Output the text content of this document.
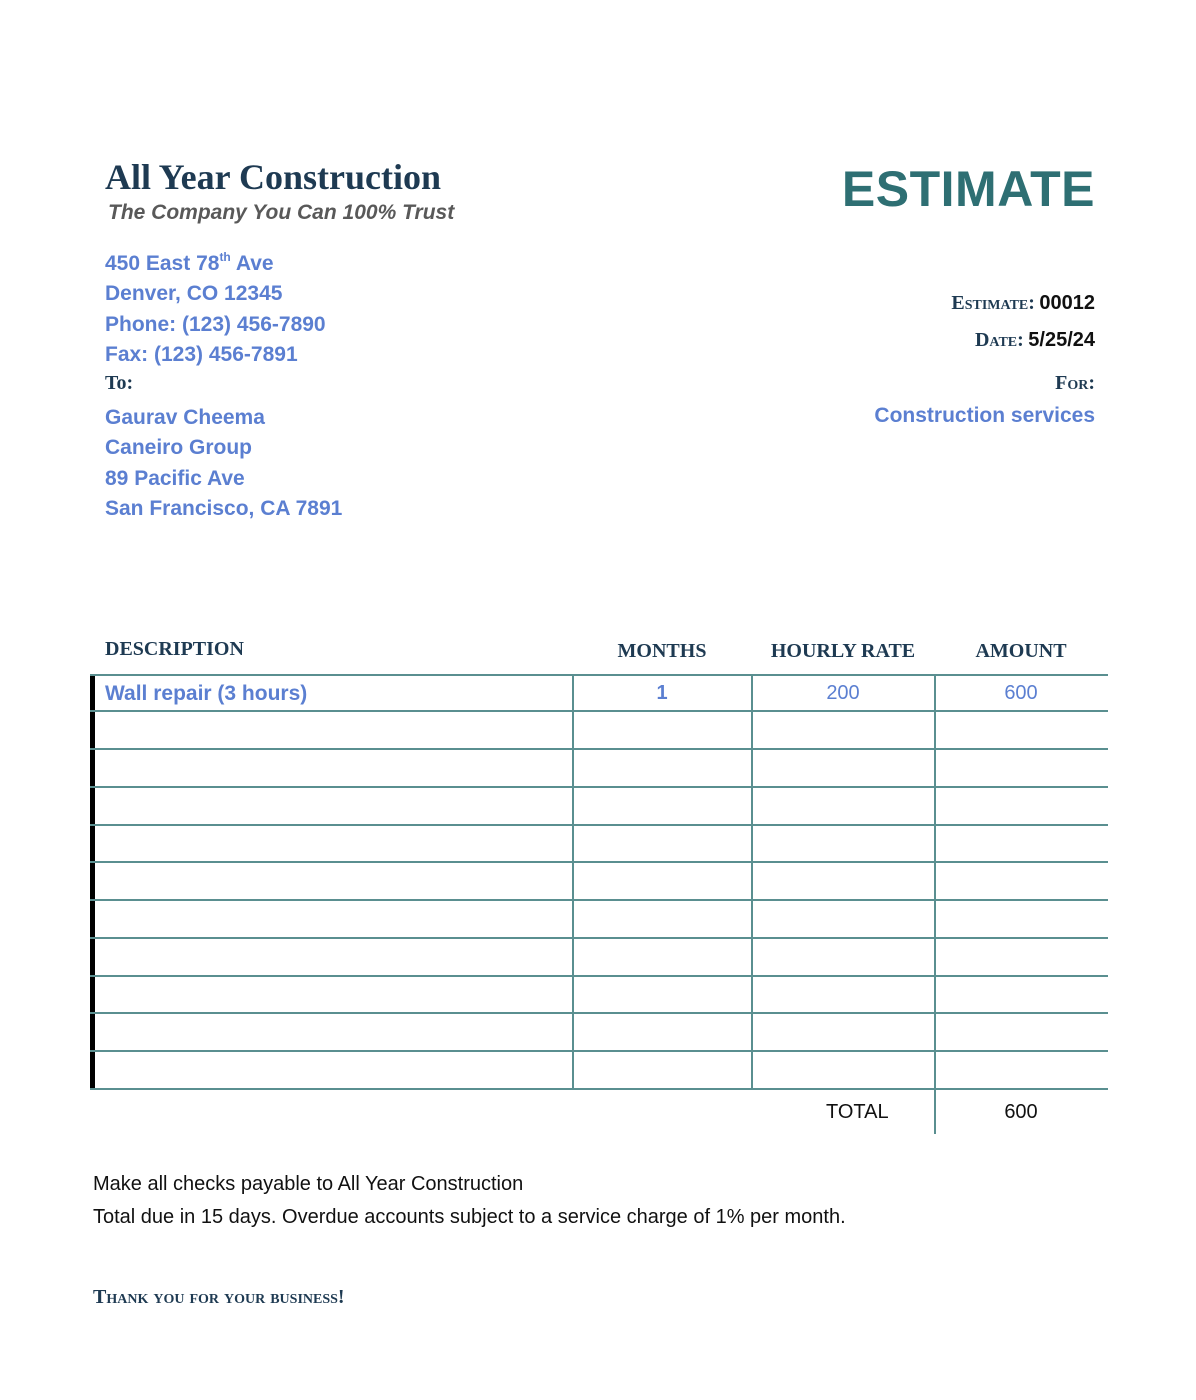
All Year Construction
The Company You Can 100% Trust	ESTIMATE
450 East 78th Ave
Denver, CO 12345
Phone: (123) 456-7890
Fax: (123) 456-7891
Estimate: 00012
Date: 5/25/24
To:	For:
Construction services
Gaurav Cheema
Caneiro Group
89 Pacific Ave
San Francisco, CA 7891
DESCRIPTION	MONTHS	HOURLY RATE	AMOUNT
Wall repair (3 hours)	1	200	600
TOTAL	600
Make all checks payable to All Year Construction
Total due in 15 days. Overdue accounts subject to a service charge of 1% per month.
Thank you for your business!
